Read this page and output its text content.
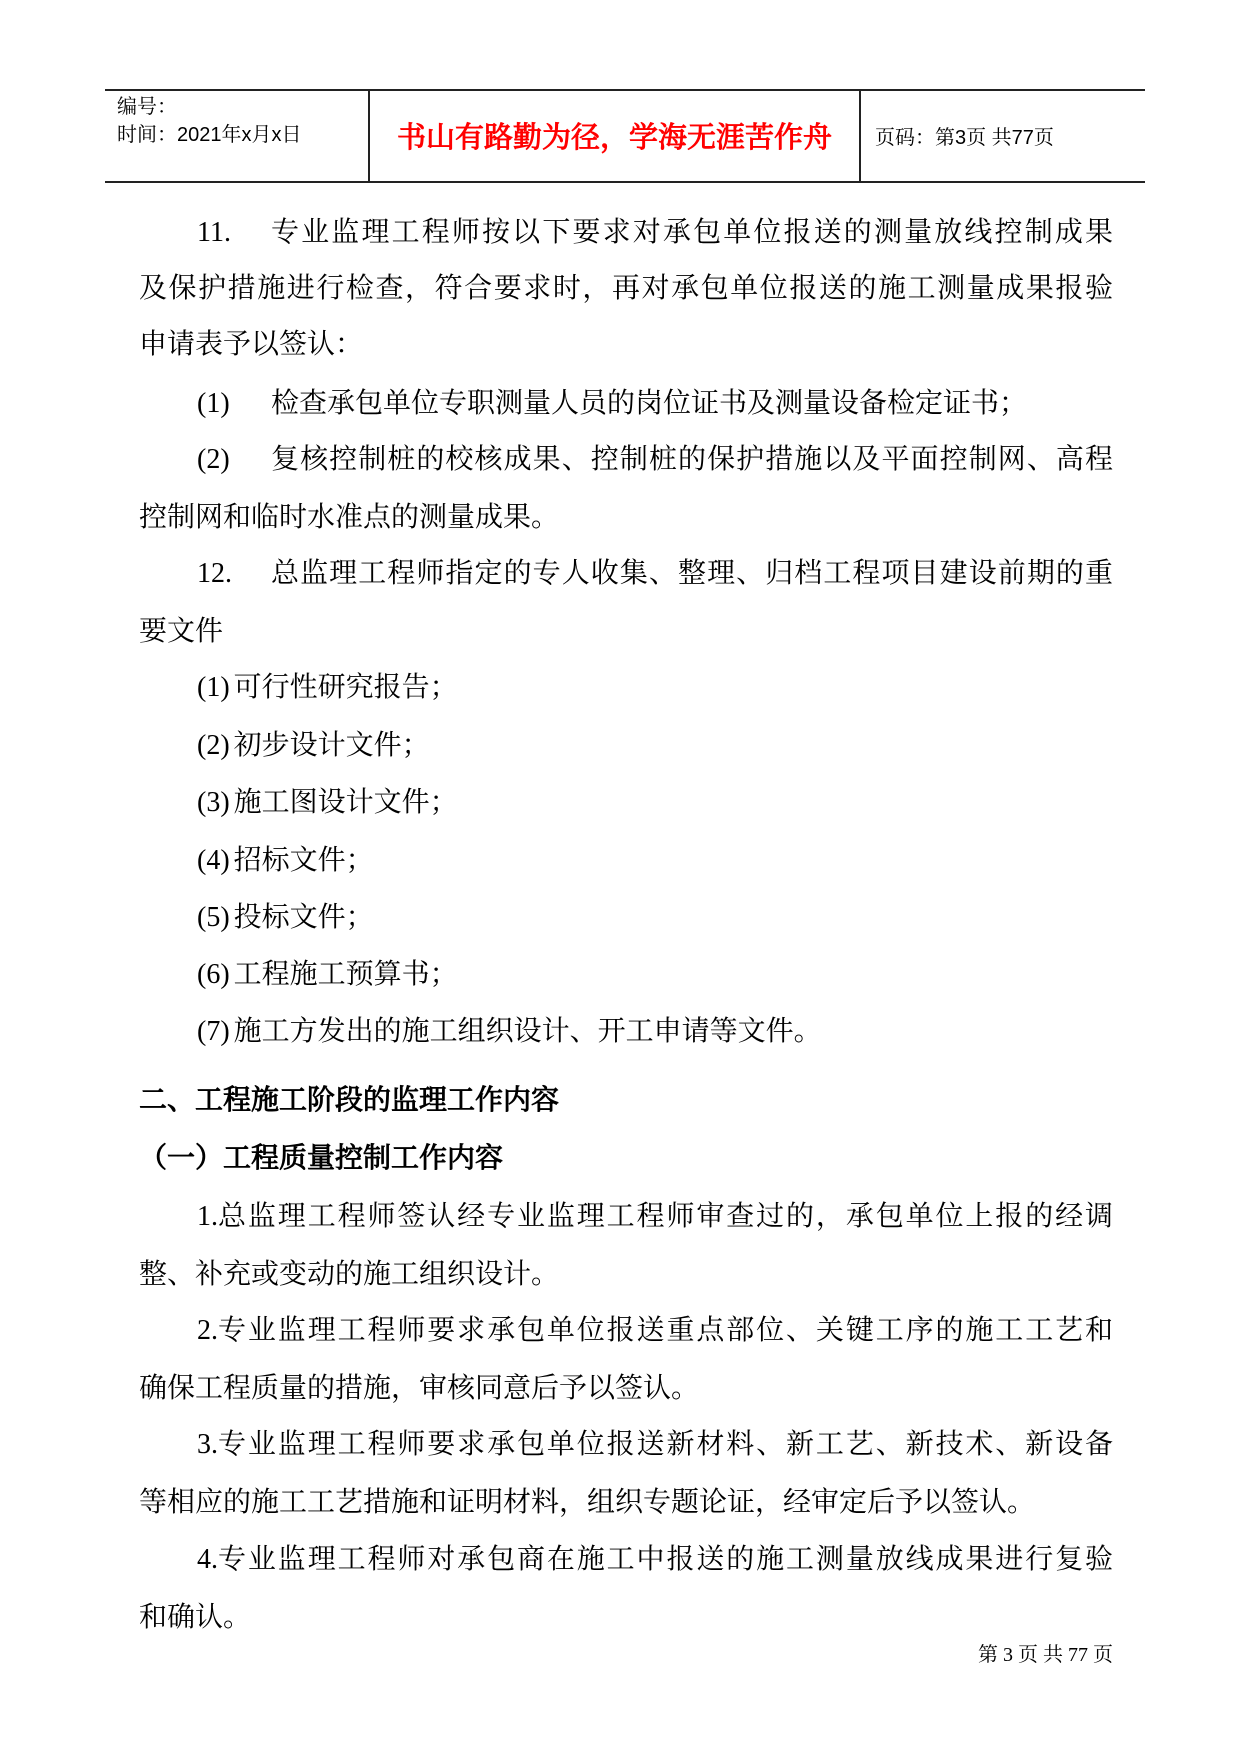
编号：
时间：2021年x月x日	书山有路勤为径，学海无涯苦作舟 页码：第3页 共77页
11.	专业监理工程师按以下要求对承包单位报送的测量放线控制成果
及保护措施进行检查，符合要求时，再对承包单位报送的施工测量成果报验
申请表予以签认：
(1)	检查承包单位专职测量人员的岗位证书及测量设备检定证书；
(2)	复核控制桩的校核成果、控制桩的保护措施以及平面控制网、高程
控制网和临时水准点的测量成果。
12.	总监理工程师指定的专人收集、整理、归档工程项目建设前期的重
要文件
(1) 可行性研究报告；
(2) 初步设计文件；
(3) 施工图设计文件；
(4) 招标文件；
(5) 投标文件；
(6) 工程施工预算书；
(7) 施工方发出的施工组织设计、开工申请等文件。
二、工程施工阶段的监理工作内容
（一）工程质量控制工作内容
1. 总监理工程师签认经专业监理工程师审查过的，承包单位上报的经调
整、补充或变动的施工组织设计。
2. 专业监理工程师要求承包单位报送重点部位、关键工序的施工工艺和
确保工程质量的措施，审核同意后予以签认。
3. 专业监理工程师要求承包单位报送新材料、新工艺、新技术、新设备
等相应的施工工艺措施和证明材料，组织专题论证，经审定后予以签认。
4. 专业监理工程师对承包商在施工中报送的施工测量放线成果进行复验
和确认。
第 3 页 共 77 页
